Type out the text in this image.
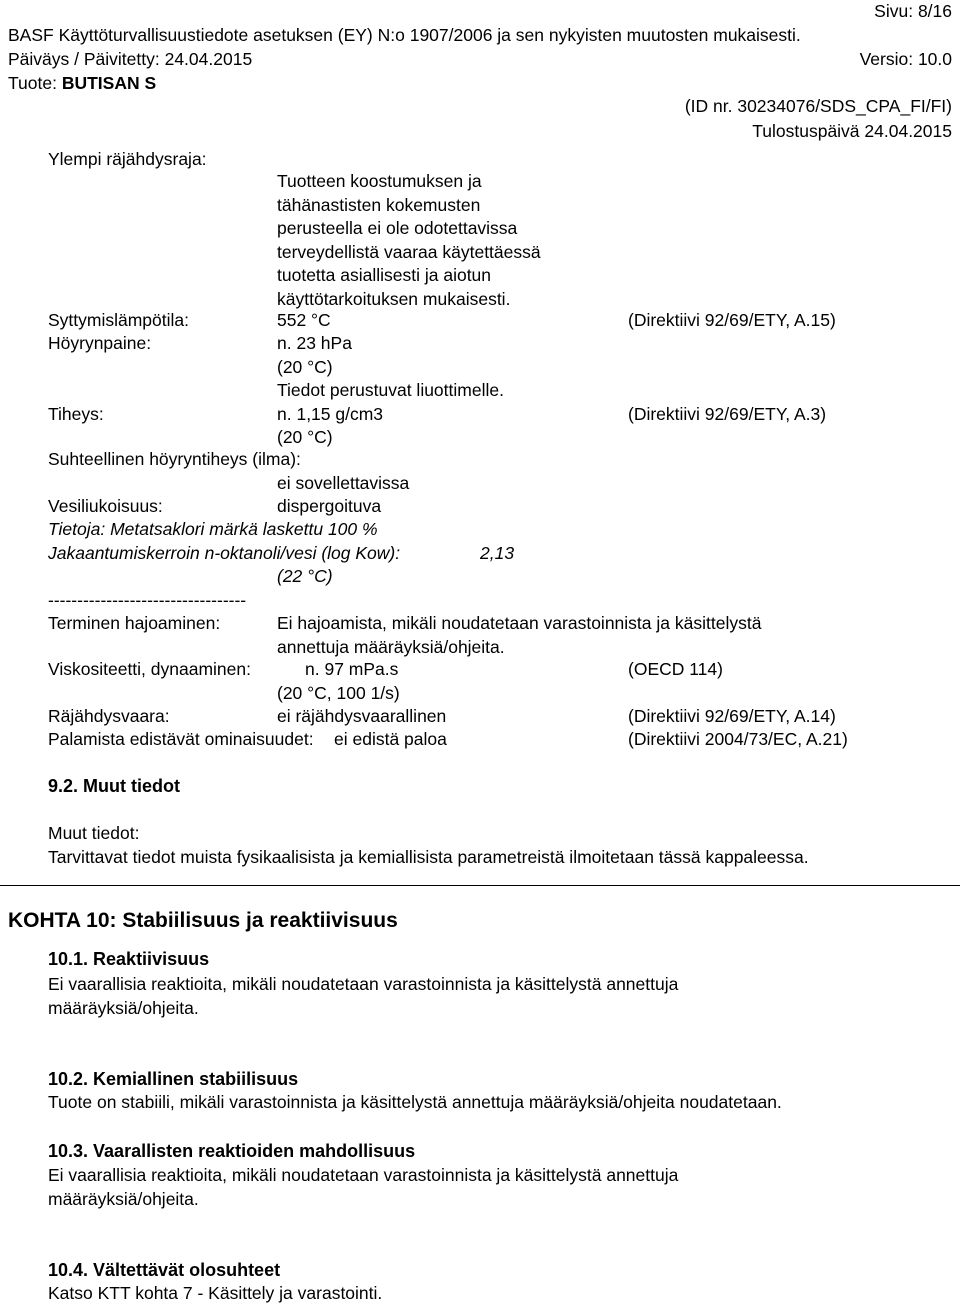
Sivu: 8/16
BASF Käyttöturvallisuustiedote asetuksen (EY) N:o 1907/2006 ja sen nykyisten muutosten mukaisesti.
Päiväys / Päivitetty: 24.04.2015	Versio: 10.0
Tuote: BUTISAN S
(ID nr. 30234076/SDS_CPA_FI/FI)
Tulostuspäivä 24.04.2015
Ylempi räjähdysraja:
Tuotteen koostumuksen ja
tähänastisten kokemusten
perusteella ei ole odotettavissa
terveydellistä vaaraa käytettäessä
tuotetta asiallisesti ja aiotun
käyttötarkoituksen mukaisesti.
Syttymislämpötila:	552 °C	(Direktiivi 92/69/ETY, A.15)
Höyrynpaine:	n. 23 hPa
(20 °C)
Tiedot perustuvat liuottimelle.
Tiheys:	n. 1,15 g/cm3	(Direktiivi 92/69/ETY, A.3)
(20 °C)
Suhteellinen höyryntiheys (ilma):
ei sovellettavissa
Vesiliukoisuus:	dispergoituva
Tietoja: Metatsaklori märkä laskettu 100 %
Jakaantumiskerroin n-oktanoli/vesi (log Kow):	2,13
(22 °C)
----------------------------------
Terminen hajoaminen:	Ei hajoamista, mikäli noudatetaan varastoinnista ja käsittelystä
annettuja määräyksiä/ohjeita.
Viskositeetti, dynaaminen:	n. 97 mPa.s	(OECD 114)
(20 °C, 100 1/s)
Räjähdysvaara:	ei räjähdysvaarallinen	(Direktiivi 92/69/ETY, A.14)
Palamista edistävät ominaisuudet: ei edistä paloa	(Direktiivi 2004/73/EC, A.21)
9.2. Muut tiedot
Muut tiedot:
Tarvittavat tiedot muista fysikaalisista ja kemiallisista parametreistä ilmoitetaan tässä kappaleessa.
KOHTA 10: Stabiilisuus ja reaktiivisuus
10.1. Reaktiivisuus
Ei vaarallisia reaktioita, mikäli noudatetaan varastoinnista ja käsittelystä annettuja
määräyksiä/ohjeita.
10.2. Kemiallinen stabiilisuus
Tuote on stabiili, mikäli varastoinnista ja käsittelystä annettuja määräyksiä/ohjeita noudatetaan.
10.3. Vaarallisten reaktioiden mahdollisuus
Ei vaarallisia reaktioita, mikäli noudatetaan varastoinnista ja käsittelystä annettuja
määräyksiä/ohjeita.
10.4. Vältettävät olosuhteet
Katso KTT kohta 7 - Käsittely ja varastointi.
